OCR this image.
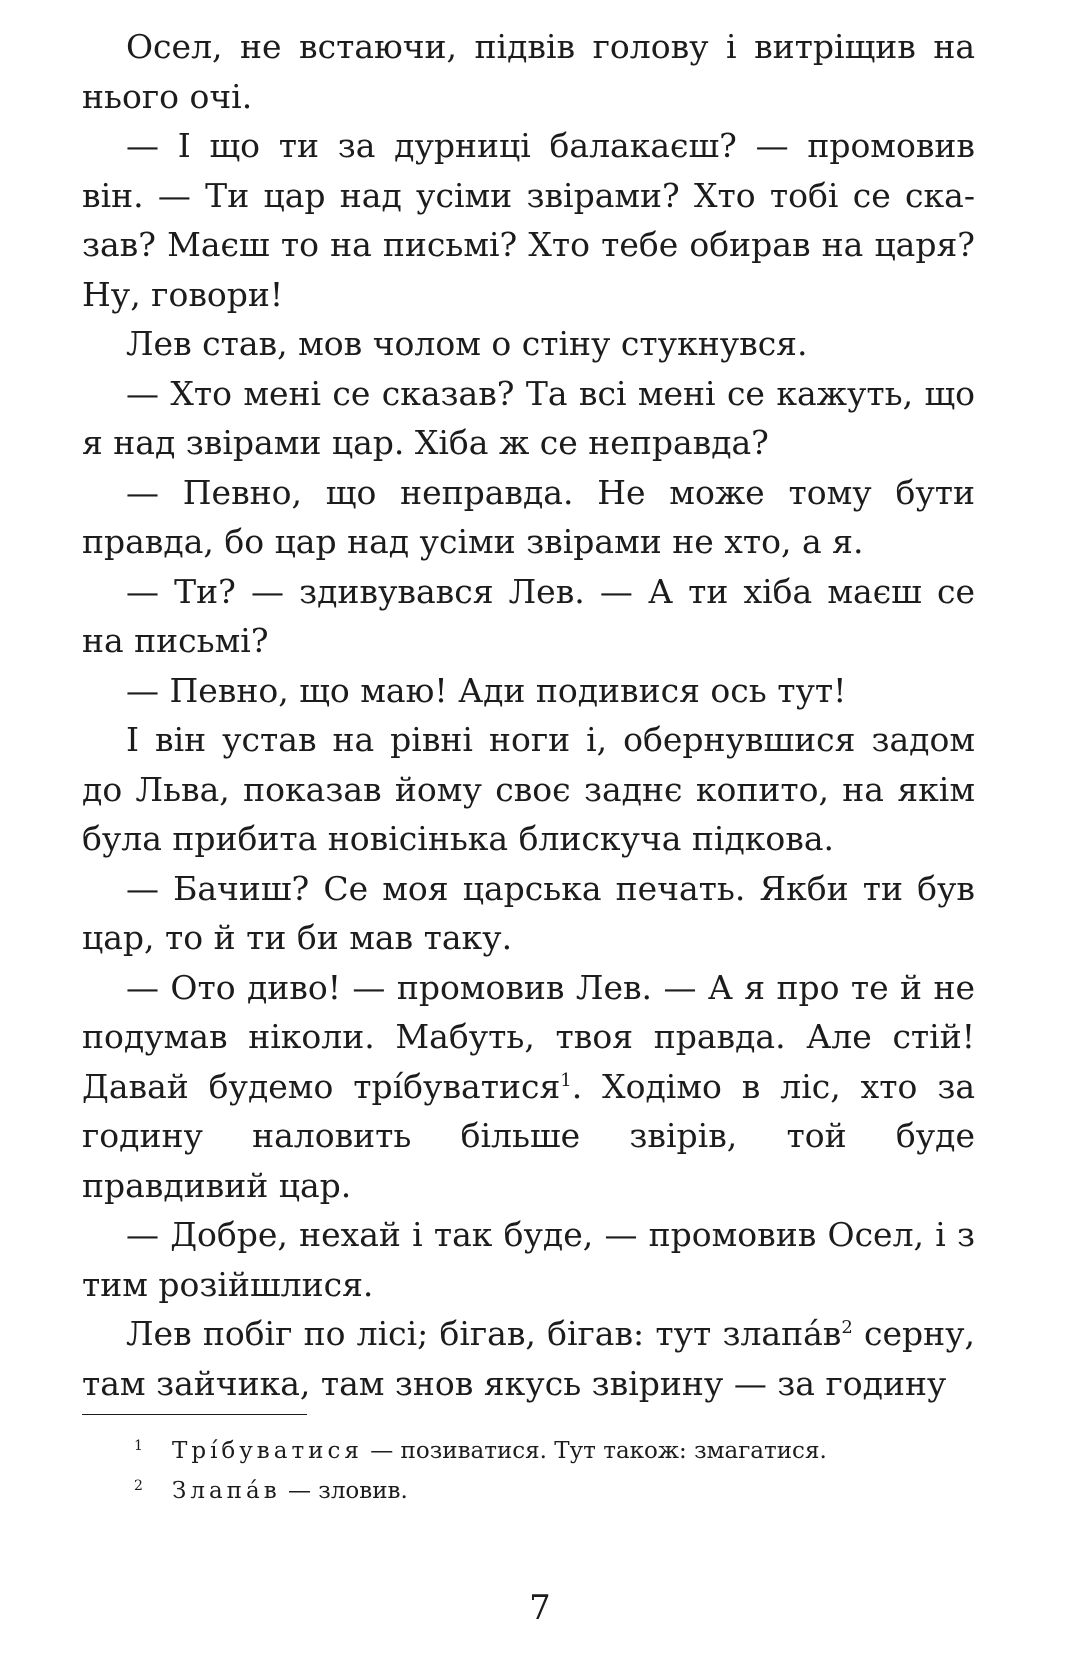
Осел, не встаючи, підвів голову і витріщив на нього очі.

— І що ти за дурниці балакаєш? — промовив він. — Ти цар над усіми звірами? Хто тобі се сказав? Маєш то на письмі? Хто тебе обирав на царя? Ну, говори!

Лев став, мов чолом о стіну стукнувся.

— Хто мені се сказав? Та всі мені се кажуть, що я над звірами цар. Хіба ж се неправда?

— Певно, що неправда. Не може тому бути правда, бо цар над усіми звірами не хто, а я.

— Ти? — здивувався Лев. — А ти хіба маєш се на письмі?

— Певно, що маю! Ади подивися ось тут!

І він устав на рівні ноги і, обернувшися задом до Льва, показав йому своє заднє копито, на якім була прибита новісінька блискуча підкова.

— Бачиш? Се моя царська печать. Якби ти був цар, то й ти би мав таку.

— Ото диво! — промовив Лев. — А я про те й не подумав ніколи. Мабуть, твоя правда. Але стій! Давай будемо трíбуватися$^1$. Ходімо в ліс, хто за годину наловить більше звірів, той буде правдивий цар.

— Добре, нехай і так буде, — промовив Осел, і з тим розійшлися.

Лев побіг по лісі; бігав, бігав: тут злапáв$^2$ серну, там зайчика, там знов якусь звірину — за годину

1 Трíбуватися — позиватися. Тут також: змагатися.
2 Злапáв — зловив.
7
